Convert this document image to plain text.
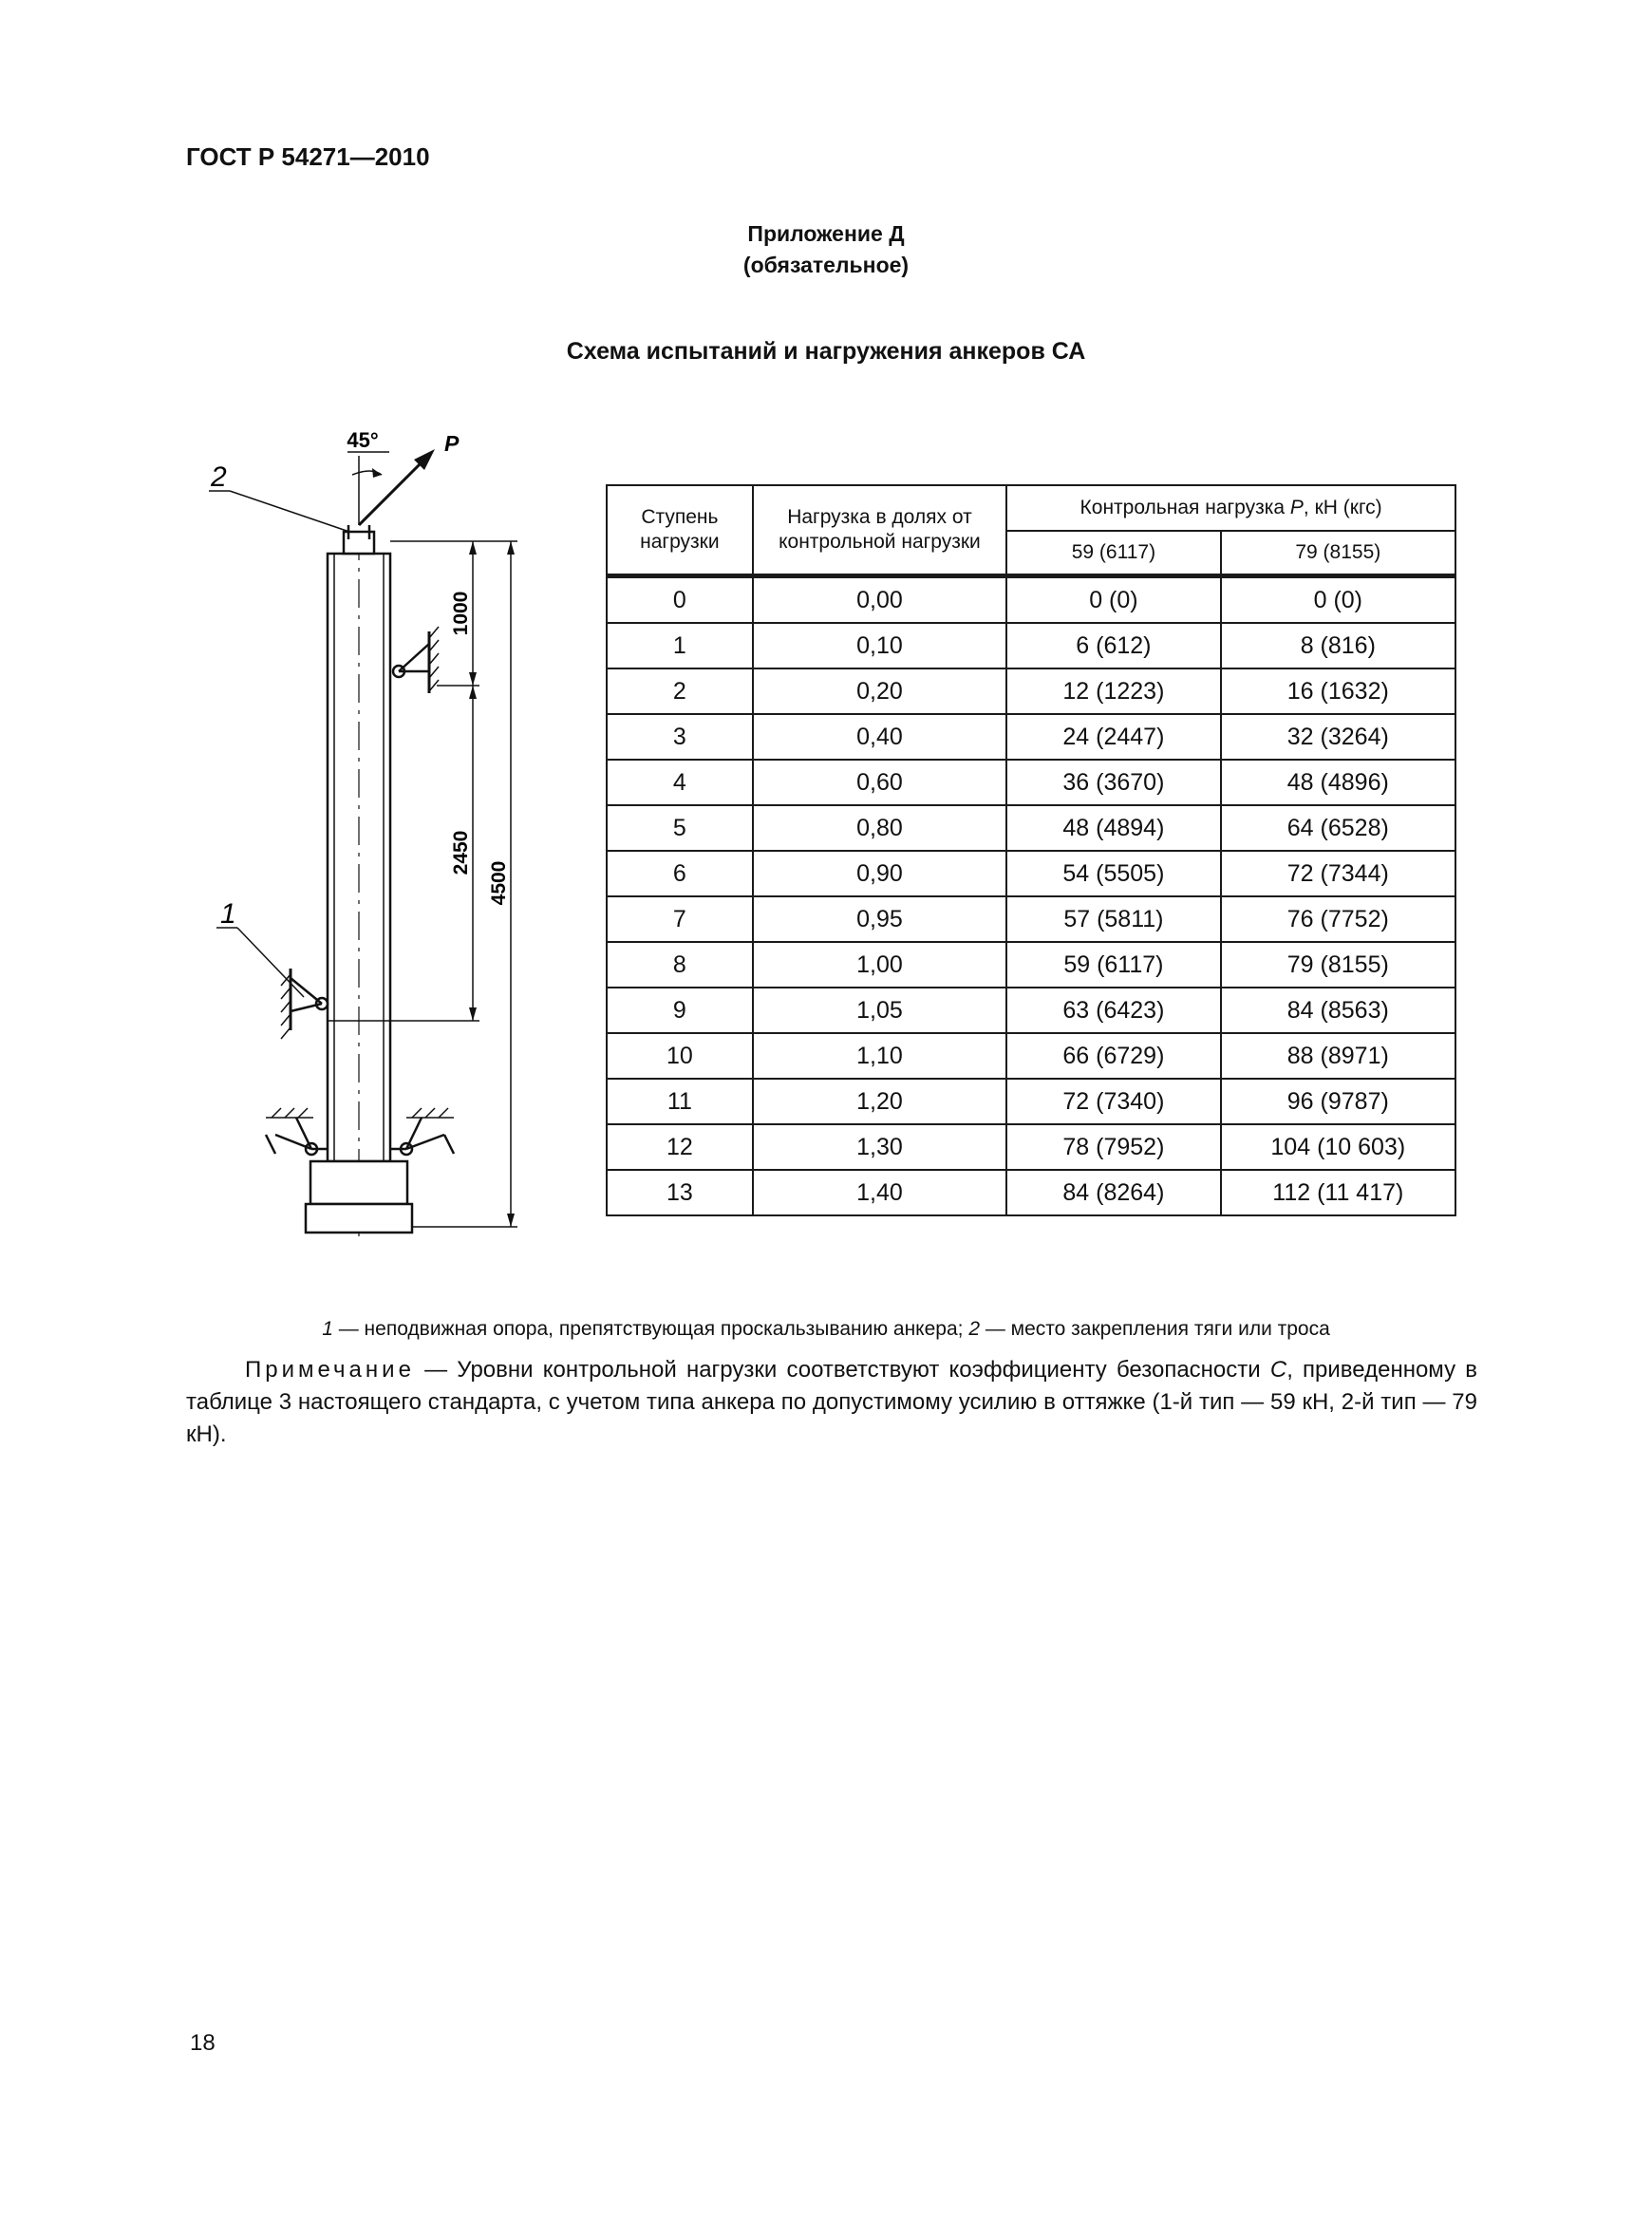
ГОСТ Р 54271—2010
Приложение Д
(обязательное)
Схема испытаний и нагружения анкеров СА
45°	P
2
1
1000
2450
4500
Ступень нагрузки	Нагрузка в долях от контрольной нагрузки	Контрольная нагрузка P, кН (кгс)	
		59 (6117)	79 (8155)
0	0,00	0 (0)	0 (0)
1	0,10	6 (612)	8 (816)
2	0,20	12 (1223)	16 (1632)
3	0,40	24 (2447)	32 (3264)
4	0,60	36 (3670)	48 (4896)
5	0,80	48 (4894)	64 (6528)
6	0,90	54 (5505)	72 (7344)
7	0,95	57 (5811)	76 (7752)
8	1,00	59 (6117)	79 (8155)
9	1,05	63 (6423)	84 (8563)
10	1,10	66 (6729)	88 (8971)
11	1,20	72 (7340)	96 (9787)
12	1,30	78 (7952)	104 (10 603)
13	1,40	84 (8264)	112 (11 417)
1 — неподвижная опора, препятствующая проскальзыванию анкера; 2 — место закрепления тяги или троса
Примечание — Уровни контрольной нагрузки соответствуют коэффициенту безопасности С, приведенному в таблице 3 настоящего стандарта, с учетом типа анкера по допустимому усилию в оттяжке (1-й тип — 59 кН, 2-й тип — 79 кН).
18
